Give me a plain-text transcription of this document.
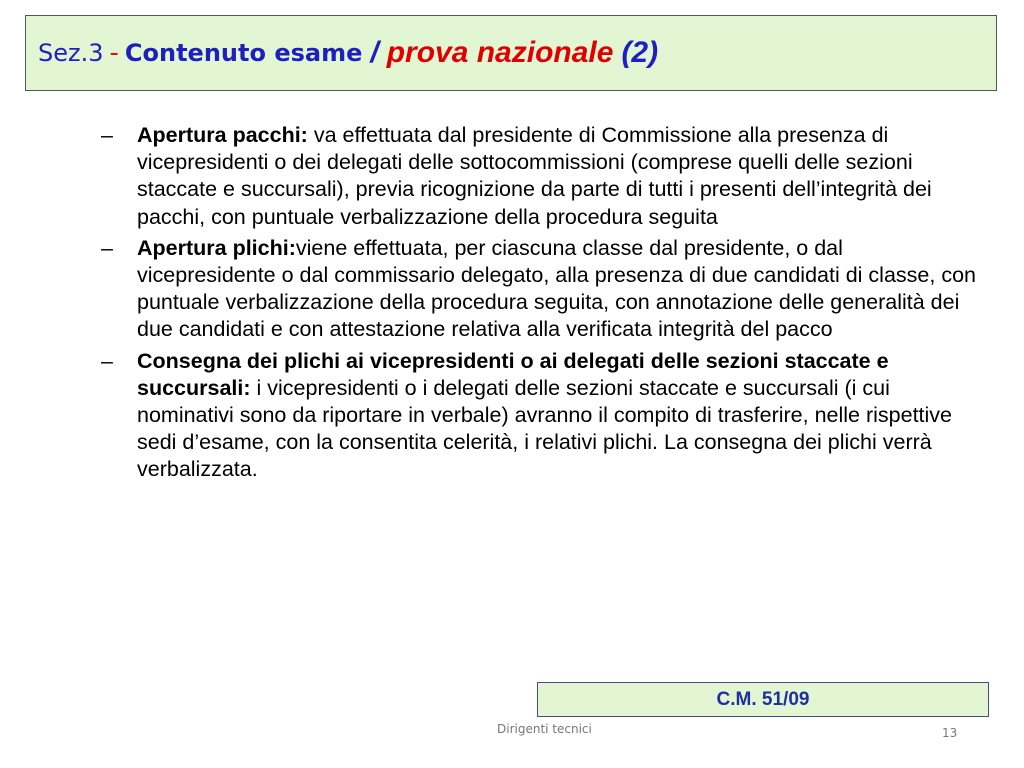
Sez.3 - Contenuto esame / prova nazionale (2)
– Apertura pacchi: va effettuata dal presidente di Commissione alla presenza di vicepresidenti o dei delegati delle sottocommissioni (comprese quelli delle sezioni staccate e succursali), previa ricognizione da parte di tutti i presenti dell’integrità dei pacchi, con puntuale verbalizzazione della procedura seguita
– Apertura plichi:viene effettuata, per ciascuna classe dal presidente, o dal vicepresidente o dal commissario delegato, alla presenza di due candidati di classe, con puntuale verbalizzazione della procedura seguita, con annotazione delle generalità dei due candidati e con attestazione relativa alla verificata integrità del pacco
– Consegna dei plichi ai vicepresidenti o ai delegati delle sezioni staccate e succursali: i vicepresidenti o i delegati delle sezioni staccate e succursali (i cui nominativi sono da riportare in verbale) avranno il compito di trasferire, nelle rispettive sedi d’esame, con la consentita celerità, i relativi plichi. La consegna dei plichi verrà verbalizzata.
C.M. 51/09
Dirigenti tecnici	13
